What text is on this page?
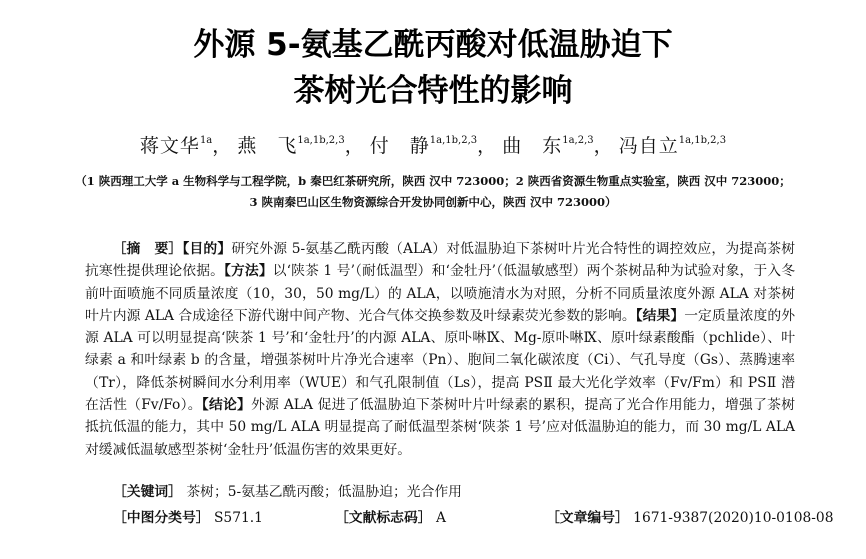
外源 5-氨基乙酰丙酸对低温胁迫下
茶树光合特性的影响
蒋文华$^{1a}$， 燕　飞$^{1a,1b,2,3}$， 付　静$^{1a,1b,2,3}$， 曲　东$^{1a,2,3}$， 冯自立$^{1a,1b,2,3}$
（1 陕西理工大学 a 生物科学与工程学院，b 秦巴红茶研究所，陕西 汉中 723000；2 陕西省资源生物重点实验室，陕西 汉中 723000；
3 陕南秦巴山区生物资源综合开发协同创新中心，陕西 汉中 723000）
［摘　要］【目的】研究外源 5-氨基乙酰丙酸（ALA）对低温胁迫下茶树叶片光合特性的调控效应，为提高茶树抗寒性提供理论依据。【方法】以‘陕茶 1 号’（耐低温型）和‘金牡丹’（低温敏感型）两个茶树品种为试验对象，于入冬前叶面喷施不同质量浓度（10，30，50 mg/L）的 ALA，以喷施清水为对照，分析不同质量浓度外源 ALA 对茶树叶片内源 ALA 合成途径下游代谢中间产物、光合气体交换参数及叶绿素荧光参数的影响。【结果】一定质量浓度的外源 ALA 可以明显提高‘陕茶 1 号’和‘金牡丹’的内源 ALA、原卟啉Ⅸ、Mg-原卟啉Ⅸ、原叶绿素酸酯（pchlide）、叶绿素 a 和叶绿素 b 的含量，增强茶树叶片净光合速率（Pn）、胞间二氧化碳浓度（Ci）、气孔导度（Gs）、蒸腾速率（Tr），降低茶树瞬间水分利用率（WUE）和气孔限制值（Ls），提高 PSⅡ 最大光化学效率（Fv/Fm）和 PSⅡ 潜在活性（Fv/Fo）。【结论】外源 ALA 促进了低温胁迫下茶树叶片叶绿素的累积，提高了光合作用能力，增强了茶树抵抗低温的能力，其中 50 mg/L ALA 明显提高了耐低温型茶树‘陕茶 1 号’应对低温胁迫的能力，而 30 mg/L ALA 对缓减低温敏感型茶树‘金牡丹’低温伤害的效果更好。
［关键词］ 茶树；5-氨基乙酰丙酸；低温胁迫；光合作用
［中图分类号］ S571.1	［文献标志码］ A	［文章编号］ 1671-9387(2020)10-0108-08
